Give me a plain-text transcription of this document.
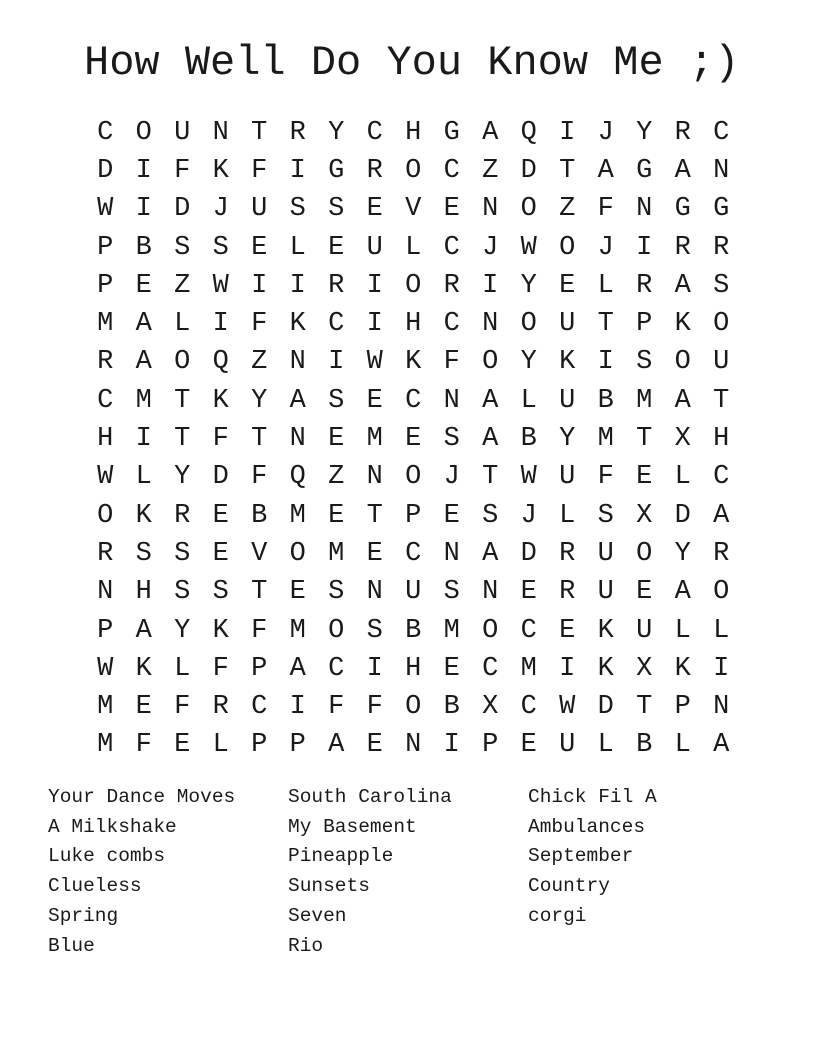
How Well Do You Know Me ;)
C O U N T R Y C H G A Q I J Y R C
D I F K F I G R O C Z D T A G A N
W I D J U S S E V E N O Z F N G G
P B S S E L E U L C J W O J I R R
P E Z W I I R I O R I Y E L R A S
M A L I F K C I H C N O U T P K O
R A O Q Z N I W K F O Y K I S O U
C M T K Y A S E C N A L U B M A T
H I T F T N E M E S A B Y M T X H
W L Y D F Q Z N O J T W U F E L C
O K R E B M E T P E S J L S X D A
R S S E V O M E C N A D R U O Y R
N H S S T E S N U S N E R U E A O
P A Y K F M O S B M O C E K U L L
W K L F P A C I H E C M I K X K I
M E F R C I F F O B X C W D T P N
M F E L P P A E N I P E U L B L A
Your Dance Moves
A Milkshake
Luke combs
Clueless
Spring
Blue
South Carolina
My Basement
Pineapple
Sunsets
Seven
Rio
Chick Fil A
Ambulances
September
Country
corgi
